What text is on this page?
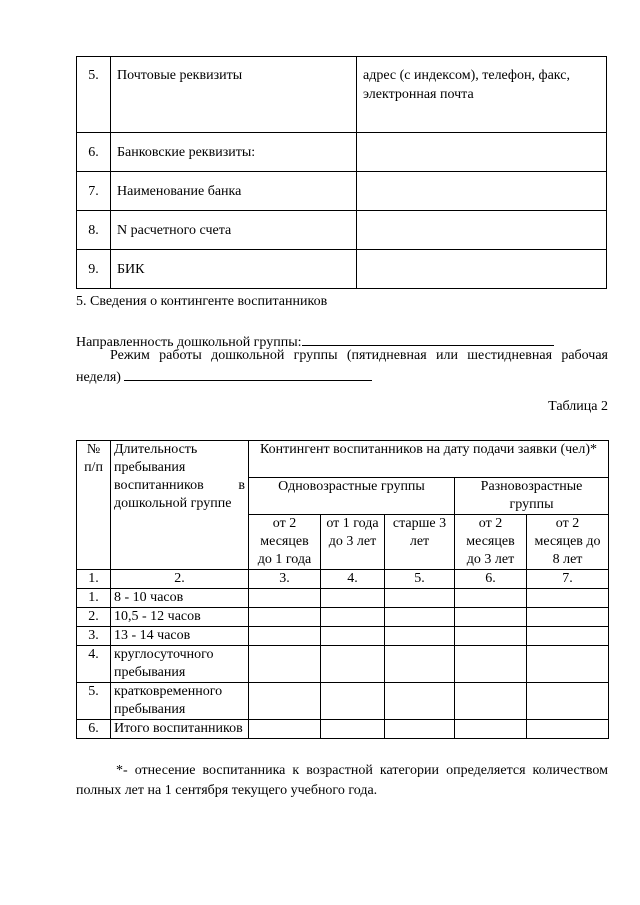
5.	Почтовые реквизиты	адрес (с индексом), телефон, факс, электронная почта
6.	Банковские реквизиты:	
7.	Наименование банка	
8.	N расчетного счета	
9.	БИК	
5. Сведения о контингенте воспитанников
Направленность дошкольной группы:
Режим работы дошкольной группы (пятидневная или шестидневная рабочая неделя)
Таблица 2
№ п/п	Длительность пребывания воспитанников в дошкольной группе	Контингент воспитанников на дату подачи заявки (чел)*				
		Одновозрастные группы			Разновозрастные группы	
		от 2 месяцев до 1 года	от 1 года до 3 лет	старше 3 лет	от 2 месяцев до 3 лет	от 2 месяцев до 8 лет
1.	2.	3.	4.	5.	6.	7.
1.	8 - 10 часов					
2.	10,5 - 12 часов					
3.	13 - 14 часов					
4.	круглосуточного пребывания					
5.	кратковременного пребывания					
6.	Итого воспитанников					
*- отнесение воспитанника к возрастной категории определяется количеством полных лет на 1 сентября текущего учебного года.
